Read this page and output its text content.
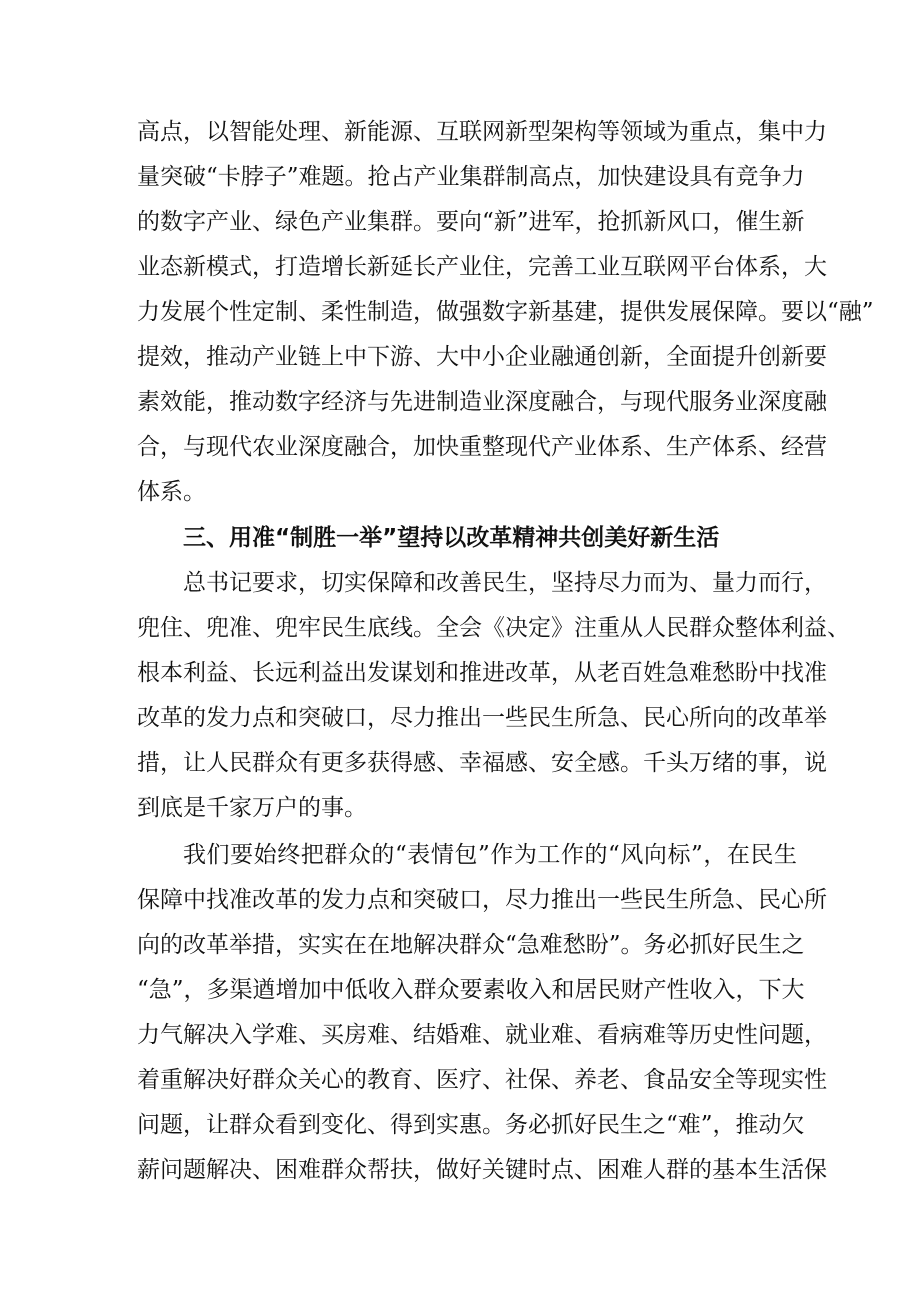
高点，以智能处理、新能源、互联网新型架构等领域为重点，集中力
量突破“卡脖子”难题。抢占产业集群制高点，加快建设具有竞争力
的数字产业、绿色产业集群。要向“新”进军，抢抓新风口，催生新
业态新模式，打造增长新延长产业住，完善工业互联网平台体系，大
力发展个性定制、柔性制造，做强数字新基建，提供发展保障。要以“融”
提效，推动产业链上中下游、大中小企业融通创新，全面提升创新要
素效能，推动数字经济与先进制造业深度融合，与现代服务业深度融
合，与现代农业深度融合，加快重整现代产业体系、生产体系、经营
体系。
三、用准“制胜一举”望持以改革精神共创美好新生活
总书记要求，切实保障和改善民生，坚持尽力而为、量力而行，
兜住、兜准、兜牢民生底线。全会《决定》注重从人民群众整体利益、
根本利益、长远利益出发谋划和推进改革，从老百姓急难愁盼中找准
改革的发力点和突破口，尽力推出一些民生所急、民心所向的改革举
措，让人民群众有更多获得感、幸福感、安全感。千头万绪的事，说
到底是千家万户的事。
我们要始终把群众的“表情包”作为工作的“风向标”，在民生
保障中找准改革的发力点和突破口，尽力推出一些民生所急、民心所
向的改革举措，实实在在地解决群众“急难愁盼”。务必抓好民生之
“急”，多渠遒增加中低收入群众要素收入和居民财产性收入，下大
力气解决入学难、买房难、结婚难、就业难、看病难等历史性问题，
着重解决好群众关心的教育、医疗、社保、养老、食品安全等现实性
问题，让群众看到变化、得到实惠。务必抓好民生之“难”，推动欠
薪问题解决、困难群众帮扶，做好关键时点、困难人群的基本生活保
